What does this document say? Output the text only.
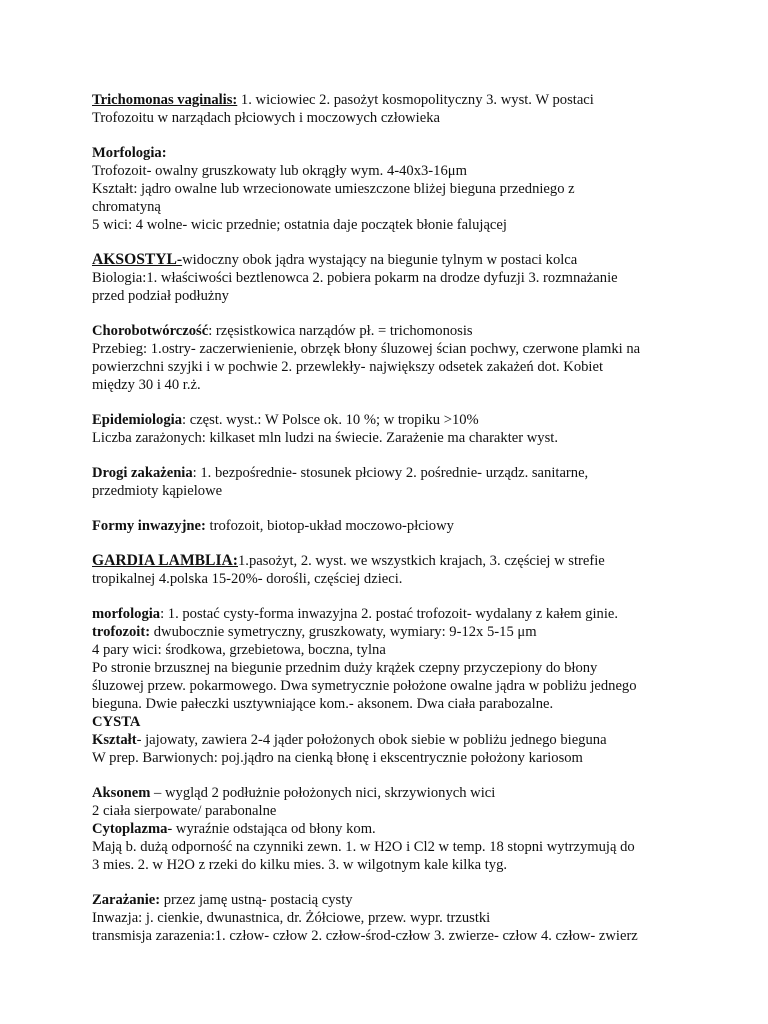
Trichomonas vaginalis: 1. wiciowiec 2. pasożyt kosmopolityczny 3. wyst. W postaci
Trofozoitu w narządach płciowych i moczowych człowieka
Morfologia:
Trofozoit- owalny gruszkowaty lub okrągły wym. 4-40x3-16μm
Kształt: jądro owalne lub wrzecionowate umieszczone bliżej bieguna przedniego z
chromatyną
5 wici: 4 wolne- wicic przednie; ostatnia daje początek błonie falującej
AKSOSTYL-widoczny obok jądra wystający na biegunie tylnym w postaci kolca
Biologia:1. właściwości beztlenowca 2. pobiera pokarm na drodze dyfuzji 3. rozmnażanie
przed podział podłużny
Chorobotwórczość: rzęsistkowica narządów pł. = trichomonosis
Przebieg: 1.ostry- zaczerwienienie, obrzęk błony śluzowej ścian pochwy, czerwone plamki na
powierzchni szyjki i w pochwie 2. przewlekły- największy odsetek zakażeń dot. Kobiet
między 30 i 40 r.ż.
Epidemiologia: częst. wyst.: W Polsce ok. 10 %; w tropiku >10%
Liczba zarażonych: kilkaset mln ludzi na świecie. Zarażenie ma charakter wyst.
Drogi zakażenia: 1. bezpośrednie- stosunek płciowy 2. pośrednie- urządz. sanitarne,
przedmioty kąpielowe
Formy inwazyjne: trofozoit, biotop-układ moczowo-płciowy
GARDIA LAMBLIA:1.pasożyt, 2. wyst. we wszystkich krajach, 3. częściej w strefie
tropikalnej 4.polska 15-20%- dorośli, częściej dzieci.
morfologia: 1. postać cysty-forma inwazyjna 2. postać trofozoit- wydalany z kałem ginie.
trofozoit: dwubocznie symetryczny, gruszkowaty, wymiary: 9-12x 5-15 μm
4 pary wici: środkowa, grzebietowa, boczna, tylna
Po stronie brzusznej na biegunie przednim duży krążek czepny przyczepiony do błony
śluzowej przew. pokarmowego. Dwa symetrycznie położone owalne jądra w pobliżu jednego
bieguna. Dwie pałeczki usztywniające kom.- aksonem. Dwa ciała parabozalne.
CYSTA
Kształt- jajowaty, zawiera 2-4 jąder położonych obok siebie w pobliżu jednego bieguna
W prep. Barwionych: poj.jądro na cienką błonę i ekscentrycznie położony kariosom
Aksonem – wygląd 2 podłużnie położonych nici, skrzywionych wici
2 ciała sierpowate/ parabonalne
Cytoplazma- wyraźnie odstająca od błony kom.
Mają b. dużą odporność na czynniki zewn. 1. w H2O i Cl2 w temp. 18 stopni wytrzymują do
3 mies. 2. w H2O z rzeki do kilku mies. 3. w wilgotnym kale kilka tyg.
Zarażanie: przez jamę ustną- postacią cysty
Inwazja: j. cienkie, dwunastnica, dr. Żółciowe, przew. wypr. trzustki
transmisja zarazenia:1. człow- człow 2. człow-środ-człow 3. zwierze- człow 4. człow- zwierz
